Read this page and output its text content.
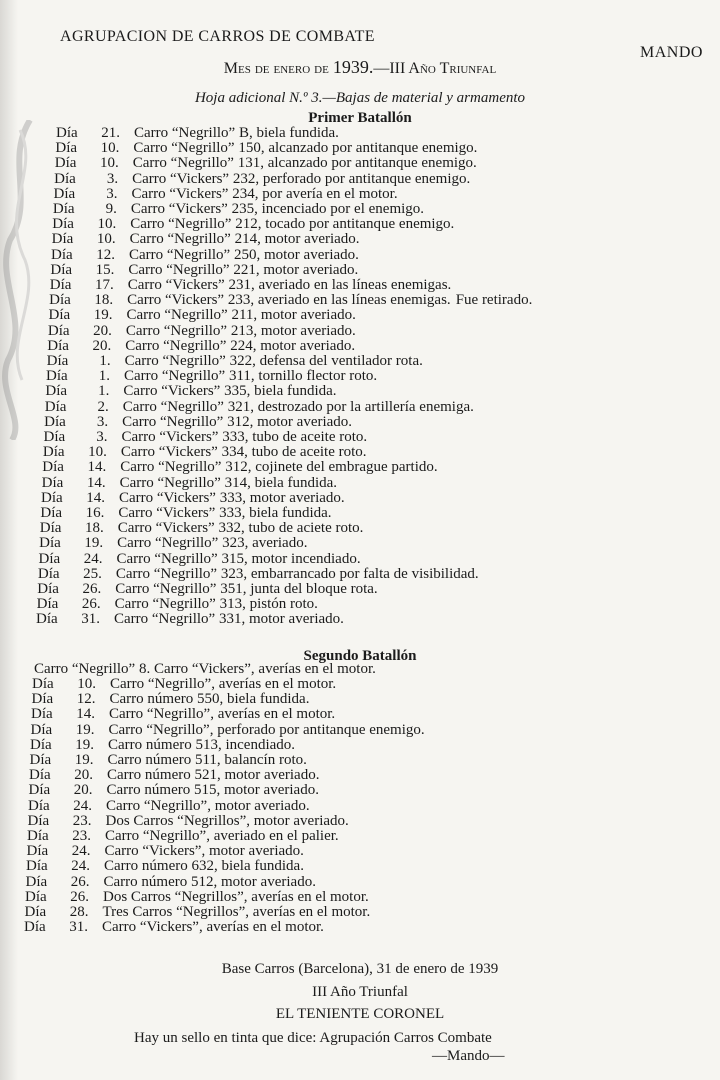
AGRUPACION DE CARROS DE COMBATE
MANDO
Mes de enero de 1939.—III Año Triunfal
Hoja adicional N.º 3.—Bajas de material y armamento
Primer Batallón
Día 21. Carro “Negrillo” B, biela fundida.
Día 10. Carro “Negrillo” 150, alcanzado por antitanque enemigo.
Día 10. Carro “Negrillo” 131, alcanzado por antitanque enemigo.
Día 3. Carro “Vickers” 232, perforado por antitanque enemigo.
Día 3. Carro “Vickers” 234, por avería en el motor.
Día 9. Carro “Vickers” 235, incenciado por el enemigo.
Día 10. Carro “Negrillo” 212, tocado por antitanque enemigo.
Día 10. Carro “Negrillo” 214, motor averiado.
Día 12. Carro “Negrillo” 250, motor averiado.
Día 15. Carro “Negrillo” 221, motor averiado.
Día 17. Carro “Vickers” 231, averiado en las líneas enemigas.
Día 18. Carro “Vickers” 233, averiado en las líneas enemigas. Fue retirado.
Día 19. Carro “Negrillo” 211, motor averiado.
Día 20. Carro “Negrillo” 213, motor averiado.
Día 20. Carro “Negrillo” 224, motor averiado.
Día 1. Carro “Negrillo” 322, defensa del ventilador rota.
Día 1. Carro “Negrillo” 311, tornillo flector roto.
Día 1. Carro “Vickers” 335, biela fundida.
Día 2. Carro “Negrillo” 321, destrozado por la artillería enemiga.
Día 3. Carro “Negrillo” 312, motor averiado.
Día 3. Carro “Vickers” 333, tubo de aceite roto.
Día 10. Carro “Vickers” 334, tubo de aceite roto.
Día 14. Carro “Negrillo” 312, cojinete del embrague partido.
Día 14. Carro “Negrillo” 314, biela fundida.
Día 14. Carro “Vickers” 333, motor averiado.
Día 16. Carro “Vickers” 333, biela fundida.
Día 18. Carro “Vickers” 332, tubo de aciete roto.
Día 19. Carro “Negrillo” 323, averiado.
Día 24. Carro “Negrillo” 315, motor incendiado.
Día 25. Carro “Negrillo” 323, embarrancado por falta de visibilidad.
Día 26. Carro “Negrillo” 351, junta del bloque rota.
Día 26. Carro “Negrillo” 313, pistón roto.
Día 31. Carro “Negrillo” 331, motor averiado.
Segundo Batallón
Carro “Negrillo” 8. Carro “Vickers”, averías en el motor.
Día 10. Carro “Negrillo”, averías en el motor.
Día 12. Carro número 550, biela fundida.
Día 14. Carro “Negrillo”, averías en el motor.
Día 19. Carro “Negrillo”, perforado por antitanque enemigo.
Día 19. Carro número 513, incendiado.
Día 19. Carro número 511, balancín roto.
Día 20. Carro número 521, motor averiado.
Día 20. Carro número 515, motor averiado.
Día 24. Carro “Negrillo”, motor averiado.
Día 23. Dos Carros “Negrillos”, motor averiado.
Día 23. Carro “Negrillo”, averiado en el palier.
Día 24. Carro “Vickers”, motor averiado.
Día 24. Carro número 632, biela fundida.
Día 26. Carro número 512, motor averiado.
Día 26. Dos Carros “Negrillos”, averías en el motor.
Día 28. Tres Carros “Negrillos”, averías en el motor.
Día 31. Carro “Vickers”, averías en el motor.
Base Carros (Barcelona), 31 de enero de 1939
III Año Triunfal
EL TENIENTE CORONEL
Hay un sello en tinta que dice: Agrupación Carros Combate
—Mando—
